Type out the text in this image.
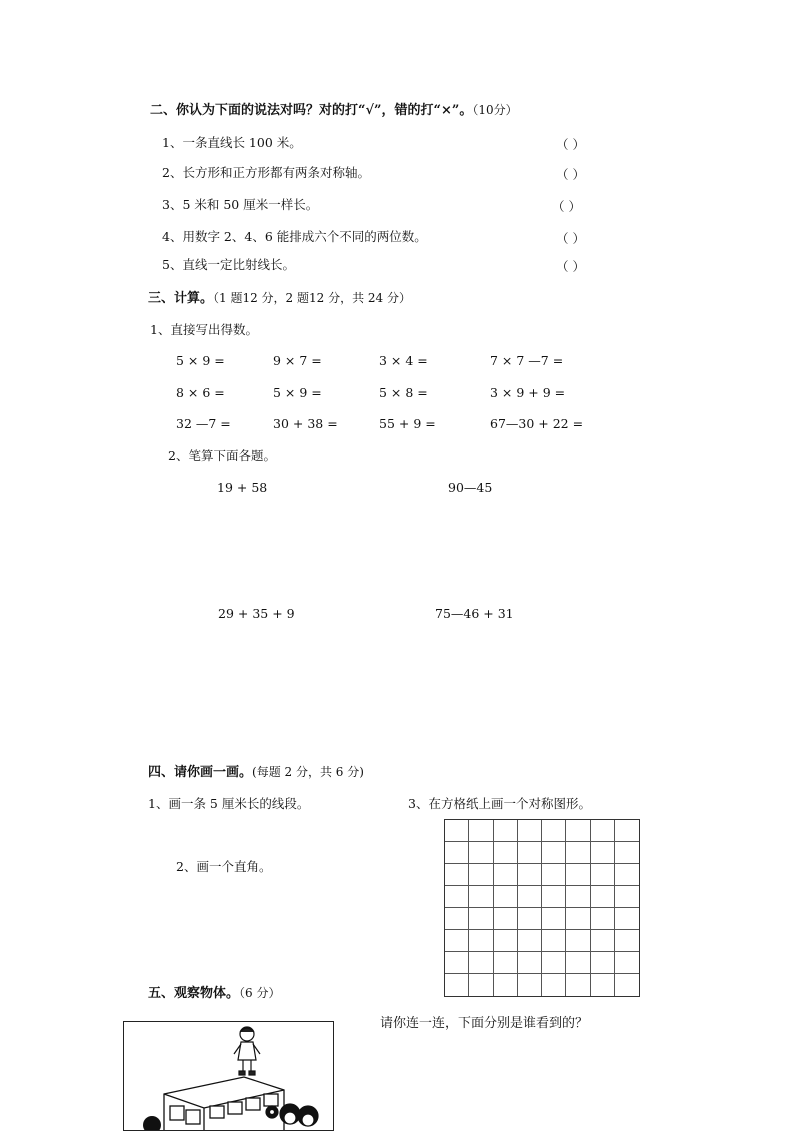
二、你认为下面的说法对吗？对的打“√”，错的打“×”。（10分）
1、一条直线长 100 米。	（ ）
2、长方形和正方形都有两条对称轴。	（ ）
3、5 米和 50 厘米一样长。	（ ）
4、用数字 2、4、6 能排成六个不同的两位数。	（ ）
5、直线一定比射线长。	（ ）
三、计算。（1 题12 分，2 题12 分，共 24 分）
1、直接写出得数。
5 × 9 =	9 × 7 =	3 × 4 =	7 × 7 —7 =
8 × 6 =	5 × 9 =	5 × 8 =	3 × 9 + 9 =
32 —7 =	30 + 38 =	55 + 9 =	67—30 + 22 =
2、笔算下面各题。
19 + 58	90—45
29 + 35 + 9	75—46 + 31
四、请你画一画。(每题 2 分，共 6 分)
1、画一条 5 厘米长的线段。	3、在方格纸上画一个对称图形。
2、画一个直角。
五、观察物体。（6 分）
请你连一连，下面分别是谁看到的？
